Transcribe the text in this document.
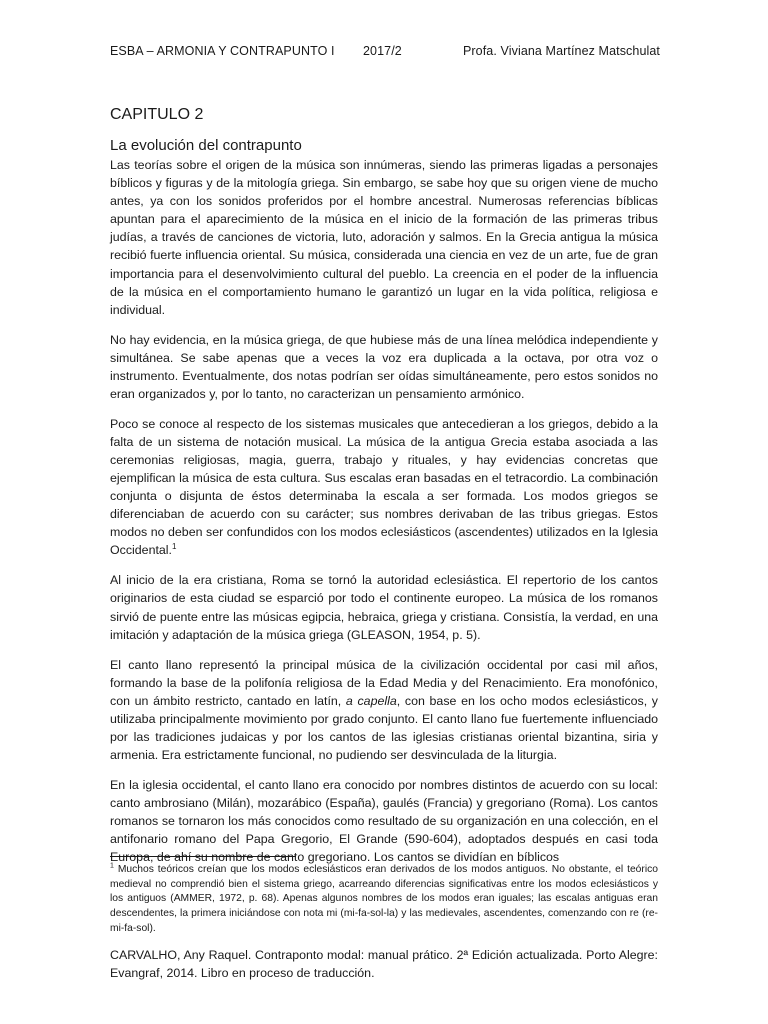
ESBA – ARMONIA Y CONTRAPUNTO I 2017/2	Profa. Viviana Martínez Matschulat
CAPITULO 2
La evolución del contrapunto

Las teorías sobre el origen de la música son innúmeras, siendo las primeras ligadas a personajes bíblicos y figuras y de la mitología griega. Sin embargo, se sabe hoy que su origen viene de mucho antes, ya con los sonidos proferidos por el hombre ancestral. Numerosas referencias bíblicas apuntan para el aparecimiento de la música en el inicio de la formación de las primeras tribus judías, a través de canciones de victoria, luto, adoración y salmos. En la Grecia antigua la música recibió fuerte influencia oriental. Su música, considerada una ciencia en vez de un arte, fue de gran importancia para el desenvolvimiento cultural del pueblo. La creencia en el poder de la influencia de la música en el comportamiento humano le garantizó un lugar en la vida política, religiosa e individual.

No hay evidencia, en la música griega, de que hubiese más de una línea melódica independiente y simultánea. Se sabe apenas que a veces la voz era duplicada a la octava, por otra voz o instrumento. Eventualmente, dos notas podrían ser oídas simultáneamente, pero estos sonidos no eran organizados y, por lo tanto, no caracterizan un pensamiento armónico.

Poco se conoce al respecto de los sistemas musicales que antecedieran a los griegos, debido a la falta de un sistema de notación musical. La música de la antigua Grecia estaba asociada a las ceremonias religiosas, magia, guerra, trabajo y rituales, y hay evidencias concretas que ejemplifican la música de esta cultura. Sus escalas eran basadas en el tetracordio. La combinación conjunta o disjunta de éstos determinaba la escala a ser formada. Los modos griegos se diferenciaban de acuerdo con su carácter; sus nombres derivaban de las tribus griegas. Estos modos no deben ser confundidos con los modos eclesiásticos (ascendentes) utilizados en la Iglesia Occidental.$^1$

Al inicio de la era cristiana, Roma se tornó la autoridad eclesiástica. El repertorio de los cantos originarios de esta ciudad se esparció por todo el continente europeo. La música de los romanos sirvió de puente entre las músicas egipcia, hebraica, griega y cristiana. Consistía, la verdad, en una imitación y adaptación de la música griega (GLEASON, 1954, p. 5).

El canto llano representó la principal música de la civilización occidental por casi mil años, formando la base de la polifonía religiosa de la Edad Media y del Renacimiento. Era monofónico, con un ámbito restricto, cantado en latín, a capella, con base en los ocho modos eclesiásticos, y utilizaba principalmente movimiento por grado conjunto. El canto llano fue fuertemente influenciado por las tradiciones judaicas y por los cantos de las iglesias cristianas oriental bizantina, siria y armenia. Era estrictamente funcional, no pudiendo ser desvinculada de la liturgia.

En la iglesia occidental, el canto llano era conocido por nombres distintos de acuerdo con su local: canto ambrosiano (Milán), mozarábico (España), gaulés (Francia) y gregoriano (Roma). Los cantos romanos se tornaron los más conocidos como resultado de su organización en una colección, en el antifonario romano del Papa Gregorio, El Grande (590-604), adoptados después en casi toda Europa, de ahí su nombre de canto gregoriano. Los cantos se dividían en bíblicos

$^1$ Muchos teóricos creían que los modos eclesiásticos eran derivados de los modos antiguos. No obstante, el teórico medieval no comprendió bien el sistema griego, acarreando diferencias significativas entre los modos eclesiásticos y los antiguos (AMMER, 1972, p. 68). Apenas algunos nombres de los modos eran iguales; las escalas antiguas eran descendentes, la primera iniciándose con nota mi (mi-fa-sol-la) y las medievales, ascendentes, comenzando con re (re-mi-fa-sol).
CARVALHO, Any Raquel. Contraponto modal: manual prático. 2ª Edición actualizada. Porto Alegre: Evangraf, 2014. Libro en proceso de traducción.
